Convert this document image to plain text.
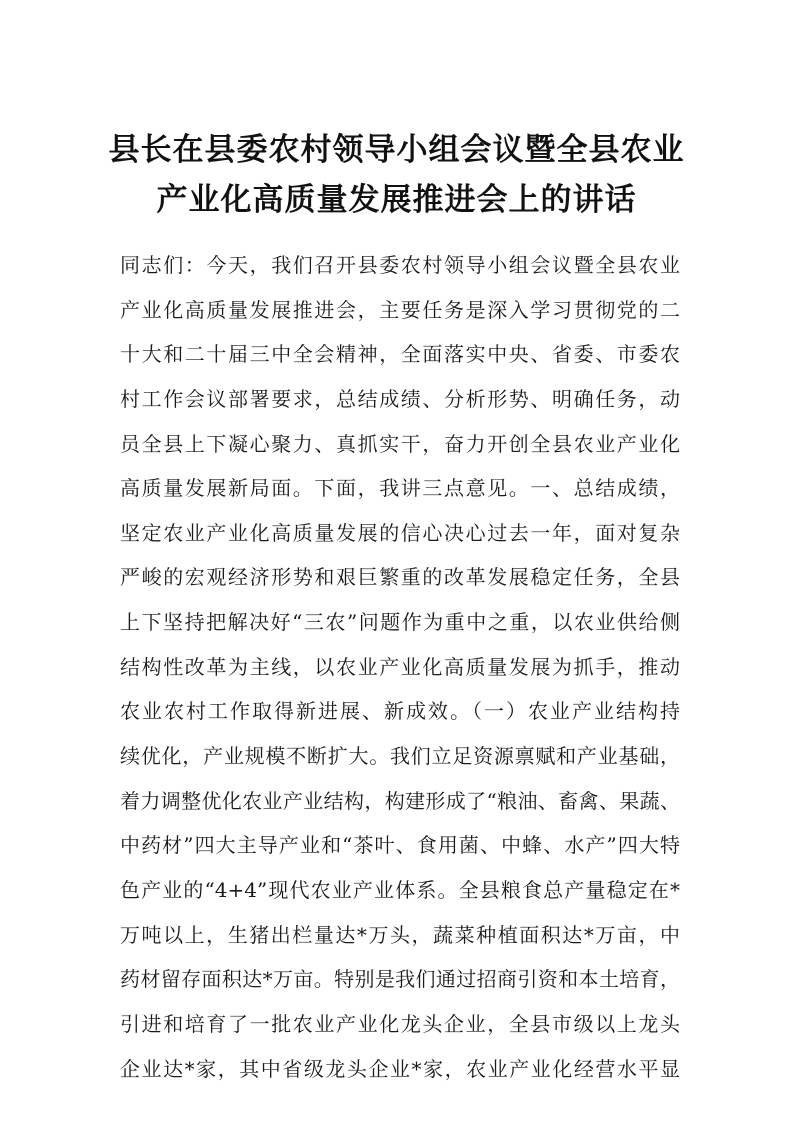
县长在县委农村领导小组会议暨全县农业
产业化高质量发展推进会上的讲话
同志们：今天，我们召开县委农村领导小组会议暨全县农业
产业化高质量发展推进会，主要任务是深入学习贯彻党的二
十大和二十届三中全会精神，全面落实中央、省委、市委农
村工作会议部署要求，总结成绩、分析形势、明确任务，动
员全县上下凝心聚力、真抓实干，奋力开创全县农业产业化
高质量发展新局面。下面，我讲三点意见。一、总结成绩，
坚定农业产业化高质量发展的信心决心过去一年，面对复杂
严峻的宏观经济形势和艰巨繁重的改革发展稳定任务，全县
上下坚持把解决好“三农”问题作为重中之重，以农业供给侧
结构性改革为主线，以农业产业化高质量发展为抓手，推动
农业农村工作取得新进展、新成效。（一）农业产业结构持
续优化，产业规模不断扩大。我们立足资源禀赋和产业基础，
着力调整优化农业产业结构，构建形成了“粮油、畜禽、果蔬、
中药材”四大主导产业和“茶叶、食用菌、中蜂、水产”四大特
色产业的“4+4”现代农业产业体系。全县粮食总产量稳定在*
万吨以上，生猪出栏量达*万头，蔬菜种植面积达*万亩，中
药材留存面积达*万亩。特别是我们通过招商引资和本土培育，
引进和培育了一批农业产业化龙头企业，全县市级以上龙头
企业达*家，其中省级龙头企业*家，农业产业化经营水平显
